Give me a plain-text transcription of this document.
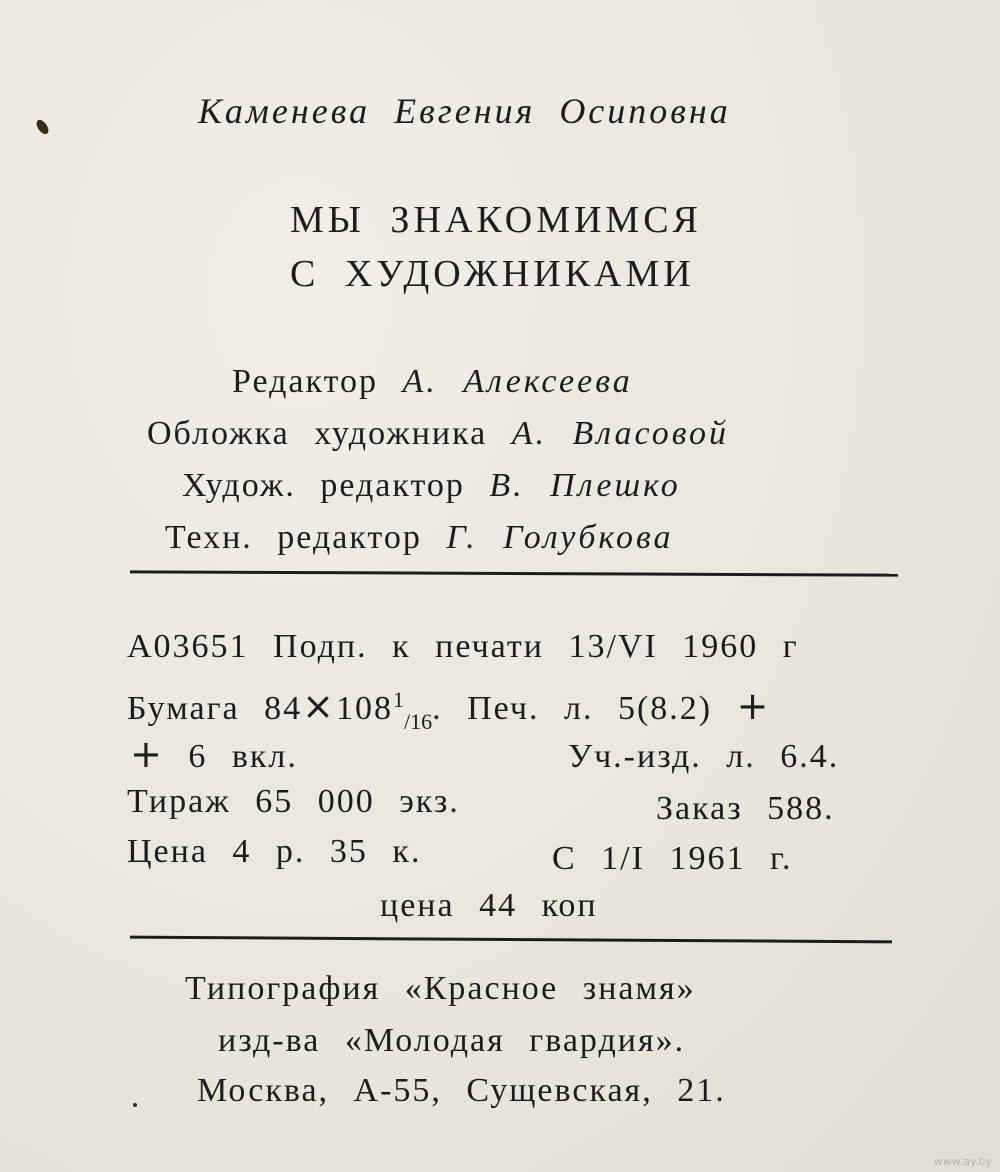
Каменева Евгения Осиповна
МЫ ЗНАКОМИМСЯ
С ХУДОЖНИКАМИ
Редактор А. Алексеева
Обложка художника А. Власовой
Худож. редактор В. Плешко
Техн. редактор Г. Голубкова
А03651 Подп. к печати 13/VI 1960 г
Бумага $84\times 108^1_{/16}$. Печ. л. 5(8.2) +
+ 6 вкл.	Уч.-изд. л. 6.4.
Тираж 65 000 экз.	Заказ 588.
Цена 4 р. 35 к.	С 1/I 1961 г.
цена 44 коп
Типография «Красное знамя»
изд-ва «Молодая гвардия».
Москва, А-55, Сущевская, 21.
www.ay.by
